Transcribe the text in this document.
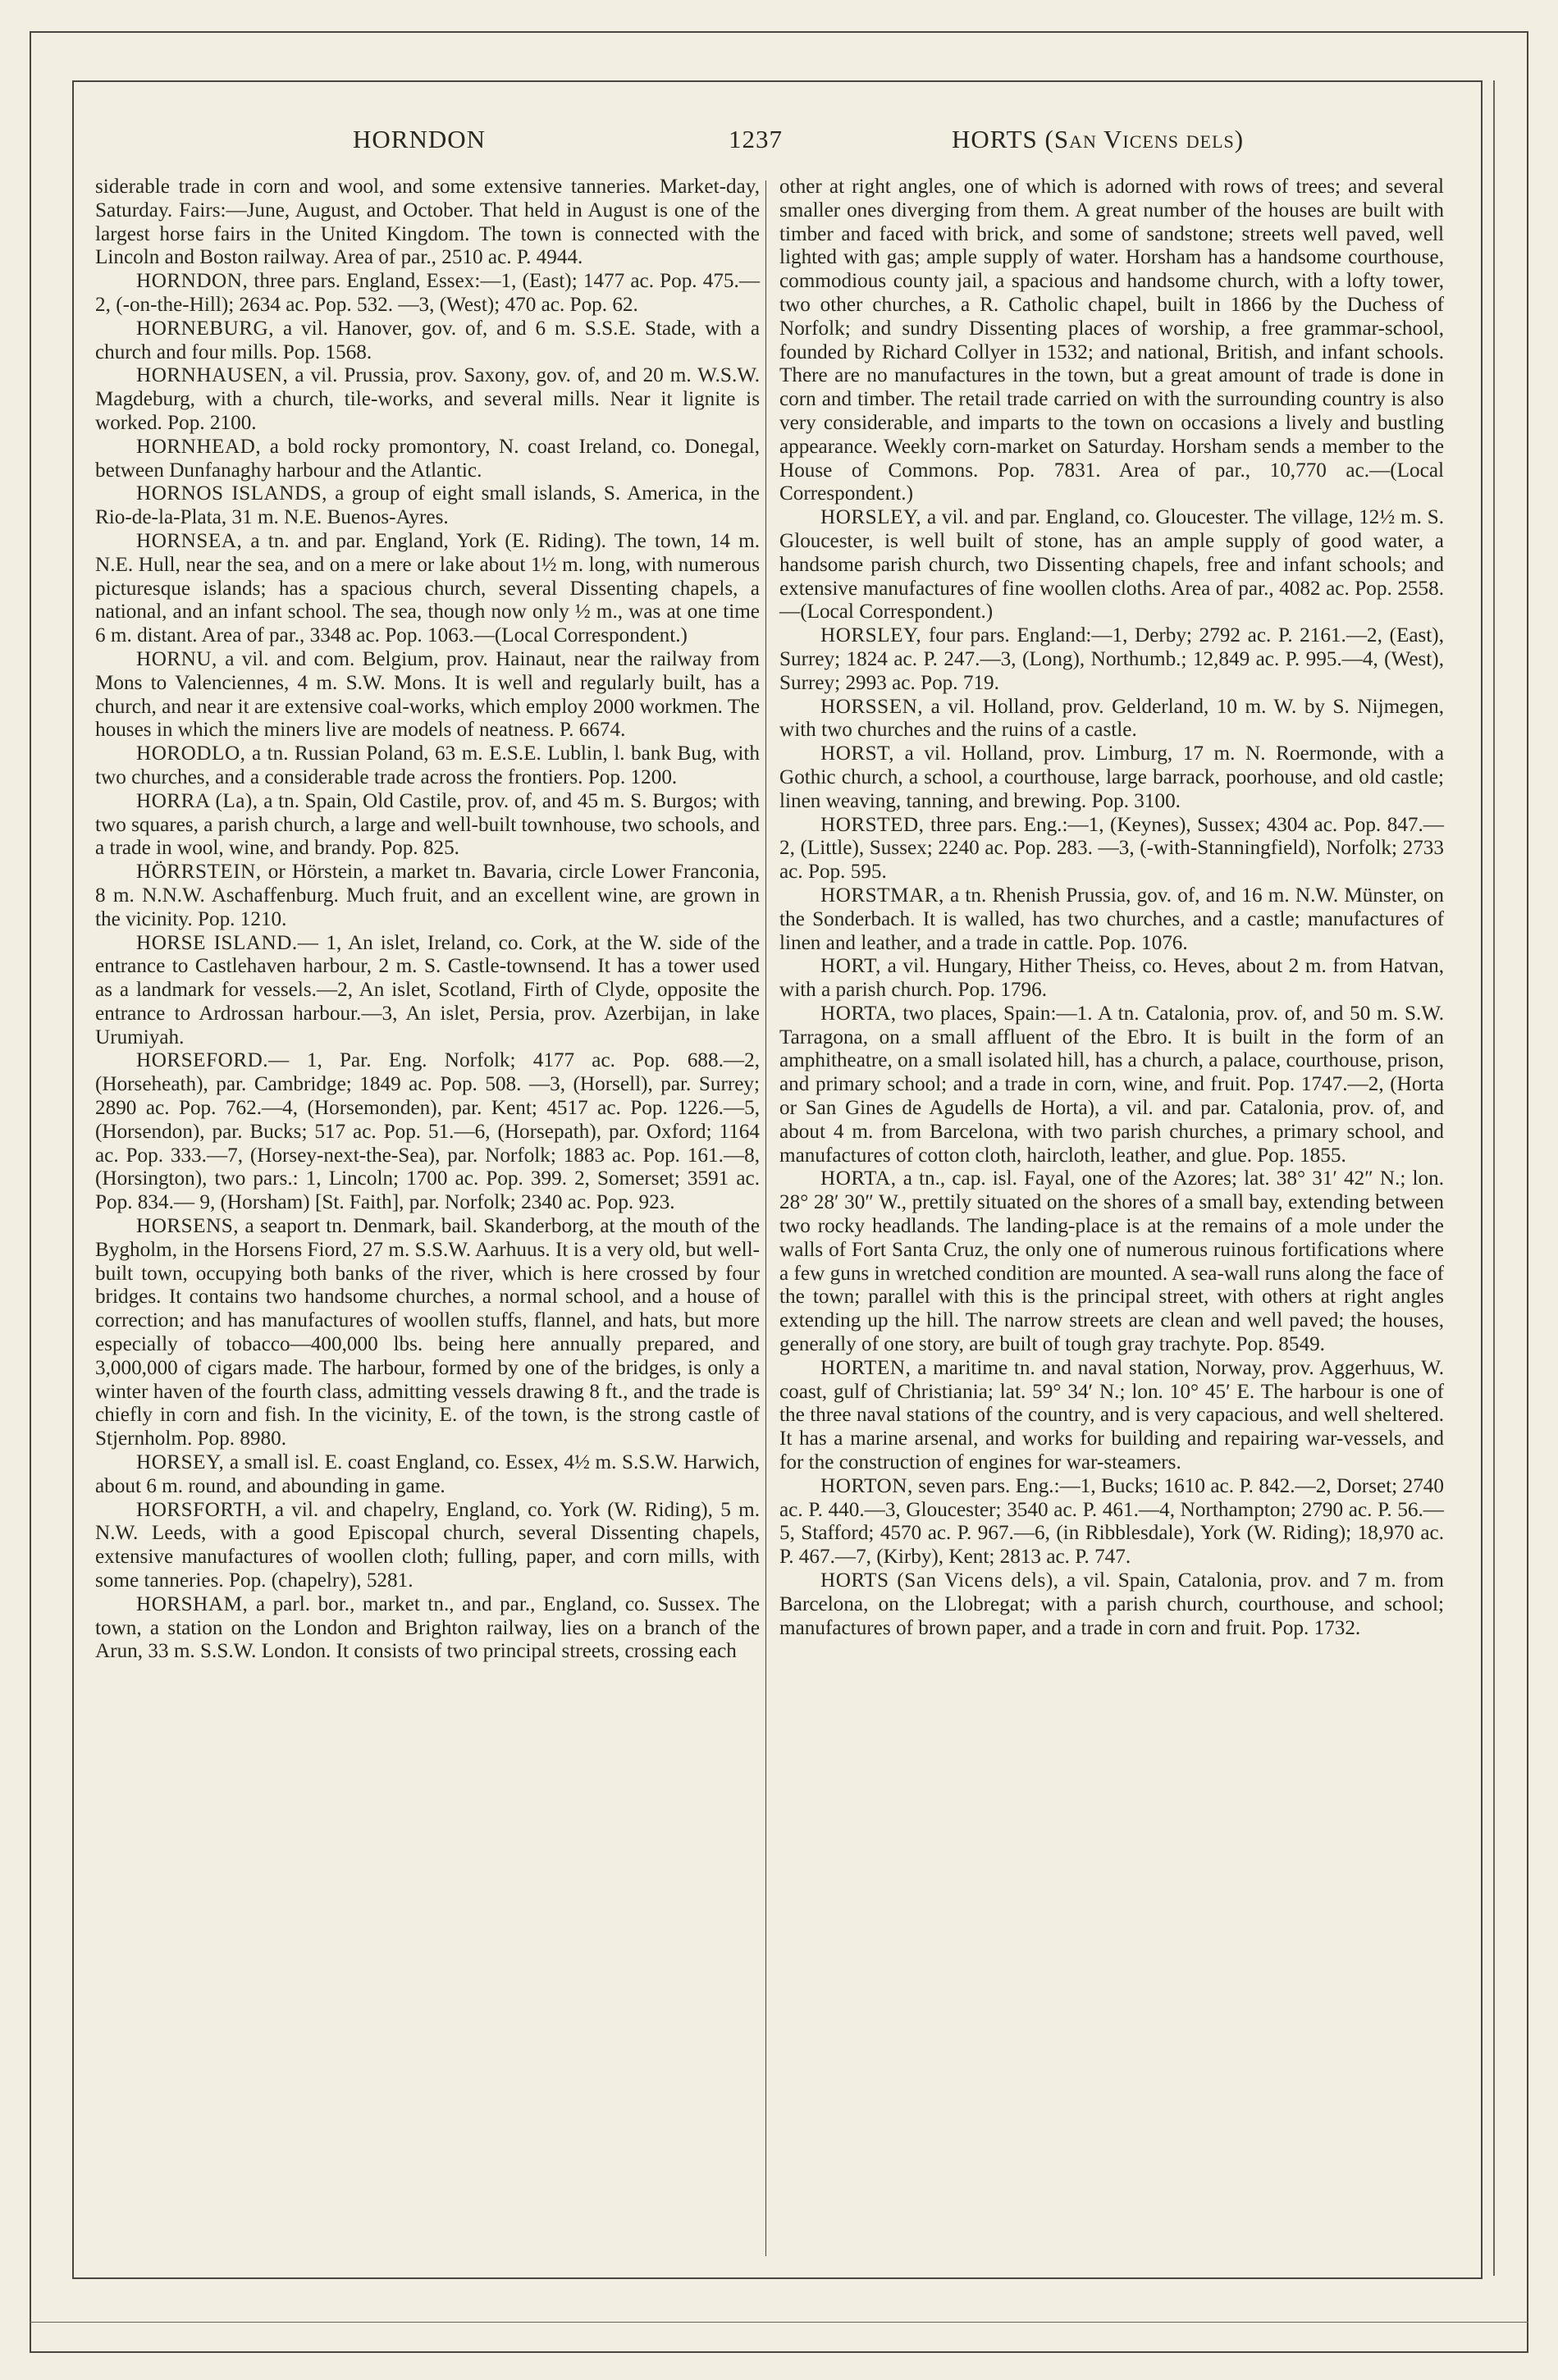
HORNDON	1237	HORTS (San Vicens dels)

siderable trade in corn and wool, and some extensive tanneries. Market-day, Saturday. Fairs:—June, August, and October. That held in August is one of the largest horse fairs in the United Kingdom. The town is connected with the Lincoln and Boston railway. Area of par., 2510 ac. P. 4944.

HORNDON, three pars. England, Essex:—1, (East); 1477 ac. Pop. 475.—2, (-on-the-Hill); 2634 ac. Pop. 532. —3, (West); 470 ac. Pop. 62.

HORNEBURG, a vil. Hanover, gov. of, and 6 m. S.S.E. Stade, with a church and four mills. Pop. 1568.

HORNHAUSEN, a vil. Prussia, prov. Saxony, gov. of, and 20 m. W.S.W. Magdeburg, with a church, tile-works, and several mills. Near it lignite is worked. Pop. 2100.

HORNHEAD, a bold rocky promontory, N. coast Ireland, co. Donegal, between Dunfanaghy harbour and the Atlantic.

HORNOS ISLANDS, a group of eight small islands, S. America, in the Rio-de-la-Plata, 31 m. N.E. Buenos-Ayres.

HORNSEA, a tn. and par. England, York (E. Riding). The town, 14 m. N.E. Hull, near the sea, and on a mere or lake about 1½ m. long, with numerous picturesque islands; has a spacious church, several Dissenting chapels, a national, and an infant school. The sea, though now only ½ m., was at one time 6 m. distant. Area of par., 3348 ac. Pop. 1063.—(Local Correspondent.)

HORNU, a vil. and com. Belgium, prov. Hainaut, near the railway from Mons to Valenciennes, 4 m. S.W. Mons. It is well and regularly built, has a church, and near it are extensive coal-works, which employ 2000 workmen. The houses in which the miners live are models of neatness. P. 6674.

HORODLO, a tn. Russian Poland, 63 m. E.S.E. Lublin, l. bank Bug, with two churches, and a considerable trade across the frontiers. Pop. 1200.

HORRA (La), a tn. Spain, Old Castile, prov. of, and 45 m. S. Burgos; with two squares, a parish church, a large and well-built townhouse, two schools, and a trade in wool, wine, and brandy. Pop. 825.

HÖRRSTEIN, or Hörstein, a market tn. Bavaria, circle Lower Franconia, 8 m. N.N.W. Aschaffenburg. Much fruit, and an excellent wine, are grown in the vicinity. Pop. 1210.

HORSE ISLAND.— 1, An islet, Ireland, co. Cork, at the W. side of the entrance to Castlehaven harbour, 2 m. S. Castle-townsend. It has a tower used as a landmark for vessels.—2, An islet, Scotland, Firth of Clyde, opposite the entrance to Ardrossan harbour.—3, An islet, Persia, prov. Azerbijan, in lake Urumiyah.

HORSEFORD.— 1, Par. Eng. Norfolk; 4177 ac. Pop. 688.—2, (Horseheath), par. Cambridge; 1849 ac. Pop. 508. —3, (Horsell), par. Surrey; 2890 ac. Pop. 762.—4, (Horsemonden), par. Kent; 4517 ac. Pop. 1226.—5, (Horsendon), par. Bucks; 517 ac. Pop. 51.—6, (Horsepath), par. Oxford; 1164 ac. Pop. 333.—7, (Horsey-next-the-Sea), par. Norfolk; 1883 ac. Pop. 161.—8, (Horsington), two pars.: 1, Lincoln; 1700 ac. Pop. 399. 2, Somerset; 3591 ac. Pop. 834.— 9, (Horsham) [St. Faith], par. Norfolk; 2340 ac. Pop. 923.

HORSENS, a seaport tn. Denmark, bail. Skanderborg, at the mouth of the Bygholm, in the Horsens Fiord, 27 m. S.S.W. Aarhuus. It is a very old, but well-built town, occupying both banks of the river, which is here crossed by four bridges. It contains two handsome churches, a normal school, and a house of correction; and has manufactures of woollen stuffs, flannel, and hats, but more especially of tobacco—400,000 lbs. being here annually prepared, and 3,000,000 of cigars made. The harbour, formed by one of the bridges, is only a winter haven of the fourth class, admitting vessels drawing 8 ft., and the trade is chiefly in corn and fish. In the vicinity, E. of the town, is the strong castle of Stjernholm. Pop. 8980.

HORSEY, a small isl. E. coast England, co. Essex, 4½ m. S.S.W. Harwich, about 6 m. round, and abounding in game.

HORSFORTH, a vil. and chapelry, England, co. York (W. Riding), 5 m. N.W. Leeds, with a good Episcopal church, several Dissenting chapels, extensive manufactures of woollen cloth; fulling, paper, and corn mills, with some tanneries. Pop. (chapelry), 5281.

HORSHAM, a parl. bor., market tn., and par., England, co. Sussex. The town, a station on the London and Brighton railway, lies on a branch of the Arun, 33 m. S.S.W. London. It consists of two principal streets, crossing each

other at right angles, one of which is adorned with rows of trees; and several smaller ones diverging from them. A great number of the houses are built with timber and faced with brick, and some of sandstone; streets well paved, well lighted with gas; ample supply of water. Horsham has a handsome courthouse, commodious county jail, a spacious and handsome church, with a lofty tower, two other churches, a R. Catholic chapel, built in 1866 by the Duchess of Norfolk; and sundry Dissenting places of worship, a free grammar-school, founded by Richard Collyer in 1532; and national, British, and infant schools. There are no manufactures in the town, but a great amount of trade is done in corn and timber. The retail trade carried on with the surrounding country is also very considerable, and imparts to the town on occasions a lively and bustling appearance. Weekly corn-market on Saturday. Horsham sends a member to the House of Commons. Pop. 7831. Area of par., 10,770 ac.—(Local Correspondent.)

HORSLEY, a vil. and par. England, co. Gloucester. The village, 12½ m. S. Gloucester, is well built of stone, has an ample supply of good water, a handsome parish church, two Dissenting chapels, free and infant schools; and extensive manufactures of fine woollen cloths. Area of par., 4082 ac. Pop. 2558.—(Local Correspondent.)

HORSLEY, four pars. England:—1, Derby; 2792 ac. P. 2161.—2, (East), Surrey; 1824 ac. P. 247.—3, (Long), Northumb.; 12,849 ac. P. 995.—4, (West), Surrey; 2993 ac. Pop. 719.

HORSSEN, a vil. Holland, prov. Gelderland, 10 m. W. by S. Nijmegen, with two churches and the ruins of a castle.

HORST, a vil. Holland, prov. Limburg, 17 m. N. Roermonde, with a Gothic church, a school, a courthouse, large barrack, poorhouse, and old castle; linen weaving, tanning, and brewing. Pop. 3100.

HORSTED, three pars. Eng.:—1, (Keynes), Sussex; 4304 ac. Pop. 847.—2, (Little), Sussex; 2240 ac. Pop. 283. —3, (-with-Stanningfield), Norfolk; 2733 ac. Pop. 595.

HORSTMAR, a tn. Rhenish Prussia, gov. of, and 16 m. N.W. Münster, on the Sonderbach. It is walled, has two churches, and a castle; manufactures of linen and leather, and a trade in cattle. Pop. 1076.

HORT, a vil. Hungary, Hither Theiss, co. Heves, about 2 m. from Hatvan, with a parish church. Pop. 1796.

HORTA, two places, Spain:—1. A tn. Catalonia, prov. of, and 50 m. S.W. Tarragona, on a small affluent of the Ebro. It is built in the form of an amphitheatre, on a small isolated hill, has a church, a palace, courthouse, prison, and primary school; and a trade in corn, wine, and fruit. Pop. 1747.—2, (Horta or San Gines de Agudells de Horta), a vil. and par. Catalonia, prov. of, and about 4 m. from Barcelona, with two parish churches, a primary school, and manufactures of cotton cloth, haircloth, leather, and glue. Pop. 1855.

HORTA, a tn., cap. isl. Fayal, one of the Azores; lat. 38° 31′ 42″ N.; lon. 28° 28′ 30″ W., prettily situated on the shores of a small bay, extending between two rocky headlands. The landing-place is at the remains of a mole under the walls of Fort Santa Cruz, the only one of numerous ruinous fortifications where a few guns in wretched condition are mounted. A sea-wall runs along the face of the town; parallel with this is the principal street, with others at right angles extending up the hill. The narrow streets are clean and well paved; the houses, generally of one story, are built of tough gray trachyte. Pop. 8549.

HORTEN, a maritime tn. and naval station, Norway, prov. Aggerhuus, W. coast, gulf of Christiania; lat. 59° 34′ N.; lon. 10° 45′ E. The harbour is one of the three naval stations of the country, and is very capacious, and well sheltered. It has a marine arsenal, and works for building and repairing war-vessels, and for the construction of engines for war-steamers.

HORTON, seven pars. Eng.:—1, Bucks; 1610 ac. P. 842.—2, Dorset; 2740 ac. P. 440.—3, Gloucester; 3540 ac. P. 461.—4, Northampton; 2790 ac. P. 56.—5, Stafford; 4570 ac. P. 967.—6, (in Ribblesdale), York (W. Riding); 18,970 ac. P. 467.—7, (Kirby), Kent; 2813 ac. P. 747.

HORTS (San Vicens dels), a vil. Spain, Catalonia, prov. and 7 m. from Barcelona, on the Llobregat; with a parish church, courthouse, and school; manufactures of brown paper, and a trade in corn and fruit. Pop. 1732.
